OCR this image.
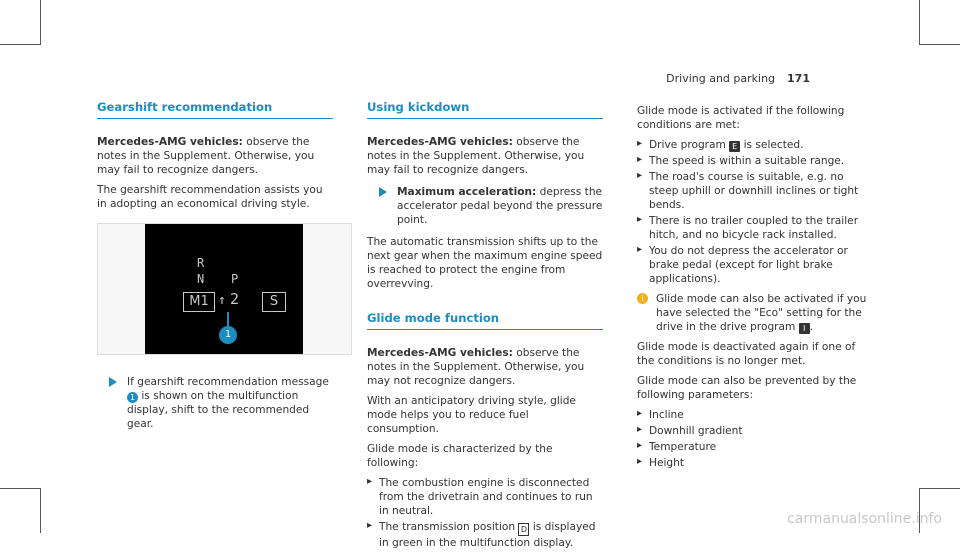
Driving and parking 171
Gearshift recommendation

Mercedes-AMG vehicles: observe the notes in the Supplement. Otherwise, you may fail to recognize dangers.

The gearshift recommendation assists you in adopting an economical driving style.

R
N P
M1 ↑ 2	S
1
If gearshift recommendation message 1 is shown on the multifunction display, shift to the recommended gear.
Using kickdown

Mercedes-AMG vehicles: observe the notes in the Supplement. Otherwise, you may fail to recognize dangers.

Maximum acceleration: depress the accelerator pedal beyond the pressure point.

The automatic transmission shifts up to the next gear when the maximum engine speed is reached to protect the engine from overrevving.

Glide mode function

Mercedes-AMG vehicles: observe the notes in the Supplement. Otherwise, you may not recognize dangers.

With an anticipatory driving style, glide mode helps you to reduce fuel consumption.

Glide mode is characterized by the following:

▸ The combustion engine is disconnected from the drivetrain and continues to run in neutral.
▸ The transmission position D is displayed in green in the multifunction display.

Glide mode is activated if the following conditions are met:

▸ Drive program E is selected.
▸ The speed is within a suitable range.
▸ The road's course is suitable, e.g. no steep uphill or downhill inclines or tight bends.
▸ There is no trailer coupled to the trailer hitch, and no bicycle rack installed.
▸ You do not depress the accelerator or brake pedal (except for light brake applications).
i	Glide mode can also be activated if you have selected the "Eco" setting for the drive in the drive program I .

Glide mode is deactivated again if one of the conditions is no longer met.

Glide mode can also be prevented by the following parameters:

▸ Incline
▸ Downhill gradient
▸ Temperature
▸ Height
carmanualsonline.info
